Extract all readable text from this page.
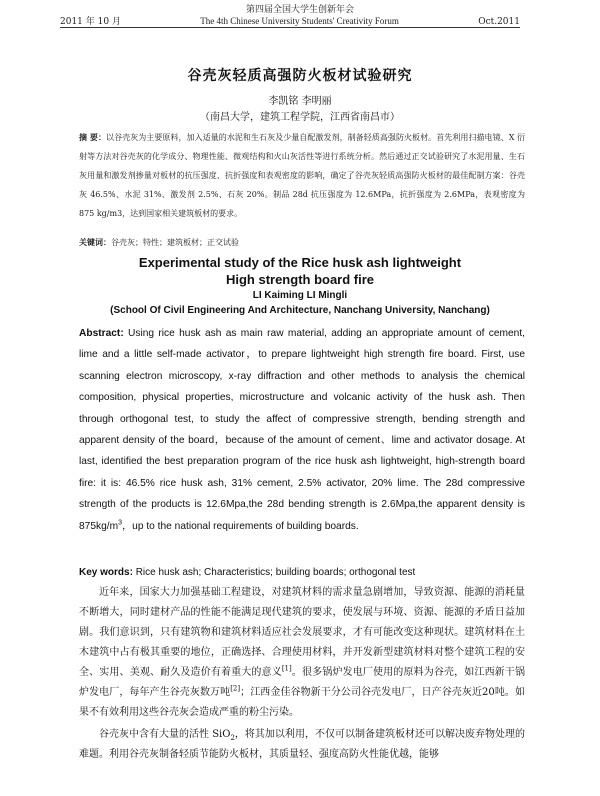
第四届全国大学生创新年会
2011 年 10 月	The 4th Chinese University Students' Creativity Forum	Oct.2011
谷壳灰轻质高强防火板材试验研究
李凯铭 李明丽
（南昌大学，建筑工程学院，江西省南昌市）
摘 要：以谷壳灰为主要原料，加入适量的水泥和生石灰及少量自配激发剂，制备轻质高强防火板材。首先利用扫描电镜、X 衍射等方法对谷壳灰的化学成分、物理性能、微观结构和火山灰活性等进行系统分析。然后通过正交试验研究了水泥用量、生石灰用量和激发剂掺量对板材的抗压强度、抗折强度和表观密度的影响，确定了谷壳灰轻质高强防火板材的最佳配制方案：谷壳灰 46.5%、水泥 31%、激发剂 2.5%、石灰 20%。制品 28d 抗压强度为 12.6MPa，抗折强度为 2.6MPa，表观密度为 875 kg/m3，达到国家相关建筑板材的要求。
关键词：谷壳灰；特性；建筑板材；正交试验
Experimental study of the Rice husk ash lightweight
High strength board fire
LI Kaiming LI Mingli
(School Of Civil Engineering And Architecture, Nanchang University, Nanchang)
Abstract: Using rice husk ash as main raw material, adding an appropriate amount of cement, lime and a little self-made activator，to prepare lightweight high strength fire board. First, use scanning electron microscopy, x-ray diffraction and other methods to analysis the chemical composition, physical properties, microstructure and volcanic activity of the husk ash. Then through orthogonal test, to study the affect of compressive strength, bending strength and apparent density of the board，because of the amount of cement、lime and activator dosage. At last, identified the best preparation program of the rice husk ash lightweight, high-strength board fire: it is: 46.5% rice husk ash, 31% cement, 2.5% activator, 20% lime. The 28d compressive strength of the products is 12.6Mpa,the 28d bending strength is 2.6Mpa,the apparent density is $875kg/m^3$，up to the national requirements of building boards.
Key words: Rice husk ash; Characteristics; building boards; orthogonal test

近年来，国家大力加强基础工程建设，对建筑材料的需求量急剧增加，导致资源、能源的消耗量不断增大，同时建材产品的性能不能满足现代建筑的要求，使发展与环境、资源、能源的矛盾日益加剧。我们意识到，只有建筑物和建筑材料适应社会发展要求，才有可能改变这种现状。建筑材料在土木建筑中占有极其重要的地位，正确选择、合理使用材料，并开发新型建筑材料对整个建筑工程的安全、实用、美观、耐久及造价有着重大的意义[1]。很多锅炉发电厂使用的原料为谷壳，如江西新干锅炉发电厂，每年产生谷壳灰数万吨[2]；江西金佳谷物新干分公司谷壳发电厂，日产谷壳灰近20吨。如果不有效利用这些谷壳灰会造成严重的粉尘污染。

谷壳灰中含有大量的活性 SiO$_2$，将其加以利用，不仅可以制备建筑板材还可以解决废弃物处理的难题。利用谷壳灰制备轻质节能防火板材，其质量轻、强度高防火性能优越，能够
